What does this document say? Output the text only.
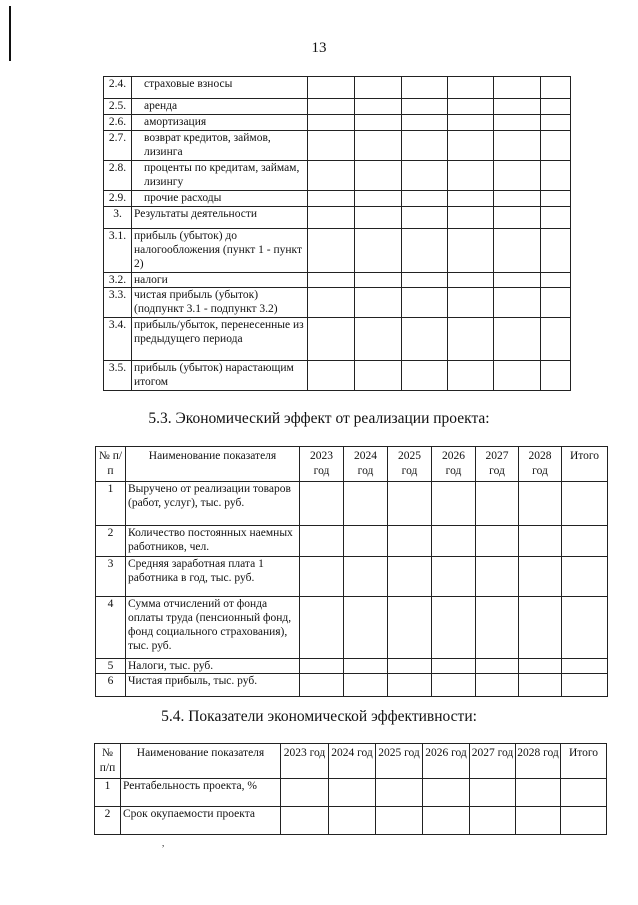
13
2.4.	страховые взносы						
2.5.	аренда						
2.6.	амортизация						
2.7.	возврат кредитов, займов, лизинга						
2.8.	проценты по кредитам, займам, лизингу						
2.9.	прочие расходы						
3.	Результаты деятельности						
3.1.	прибыль (убыток) до налогообложения (пункт 1 - пункт 2)						
3.2.	налоги						
3.3.	чистая прибыль (убыток) (подпункт 3.1 - подпункт 3.2)						
3.4.	прибыль/убыток, перенесенные из предыдущего периода						
3.5.	прибыль (убыток) нарастающим итогом						
5.3. Экономический эффект от реализации проекта:
№ п/п	Наименование показателя	2023 год	2024 год	2025 год	2026 год	2027 год	2028 год	Итого
1	Выручено от реализации товаров (работ, услуг), тыс. руб.							
2	Количество постоянных наемных работников, чел.							
3	Средняя заработная плата 1 работника в год, тыс. руб.							
4	Сумма отчислений от фонда оплаты труда (пенсионный фонд, фонд социального страхования), тыс. руб.							
5	Налоги, тыс. руб.							
6	Чистая прибыль, тыс. руб.							
5.4. Показатели экономической эффективности:
№ п/п	Наименование показателя	2023 год	2024 год	2025 год	2026 год	2027 год	2028 год	Итого
1	Рентабельность проекта, %							
2	Срок окупаемости проекта							
,
